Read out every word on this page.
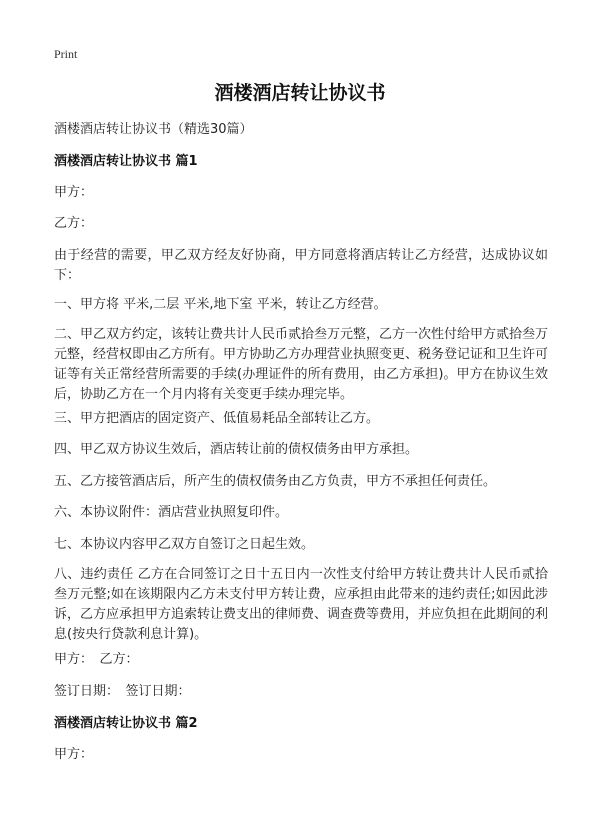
Print
酒楼酒店转让协议书
酒楼酒店转让协议书（精选30篇）
酒楼酒店转让协议书 篇1
甲方：
乙方：
由于经营的需要，甲乙双方经友好协商，甲方同意将酒店转让乙方经营，达成协议如下：
一、甲方将 平米,二层 平米,地下室 平米，转让乙方经营。
二、甲乙双方约定，该转让费共计人民币贰拾叁万元整，乙方一次性付给甲方贰拾叁万元整，经营权即由乙方所有。甲方协助乙方办理营业执照变更、税务登记证和卫生许可证等有关正常经营所需要的手续(办理证件的所有费用，由乙方承担)。甲方在协议生效后，协助乙方在一个月内将有关变更手续办理完毕。
三、甲方把酒店的固定资产、低值易耗品全部转让乙方。
四、甲乙双方协议生效后，酒店转让前的债权债务由甲方承担。
五、乙方接管酒店后，所产生的债权债务由乙方负责，甲方不承担任何责任。
六、本协议附件：酒店营业执照复印件。
七、本协议内容甲乙双方自签订之日起生效。
八、违约责任 乙方在合同签订之日十五日内一次性支付给甲方转让费共计人民币贰拾叁万元整;如在该期限内乙方未支付甲方转让费，应承担由此带来的违约责任;如因此涉诉，乙方应承担甲方追索转让费支出的律师费、调查费等费用，并应负担在此期间的利息(按央行贷款利息计算)。
甲方：　乙方：
签订日期：　签订日期：
酒楼酒店转让协议书 篇2
甲方：
